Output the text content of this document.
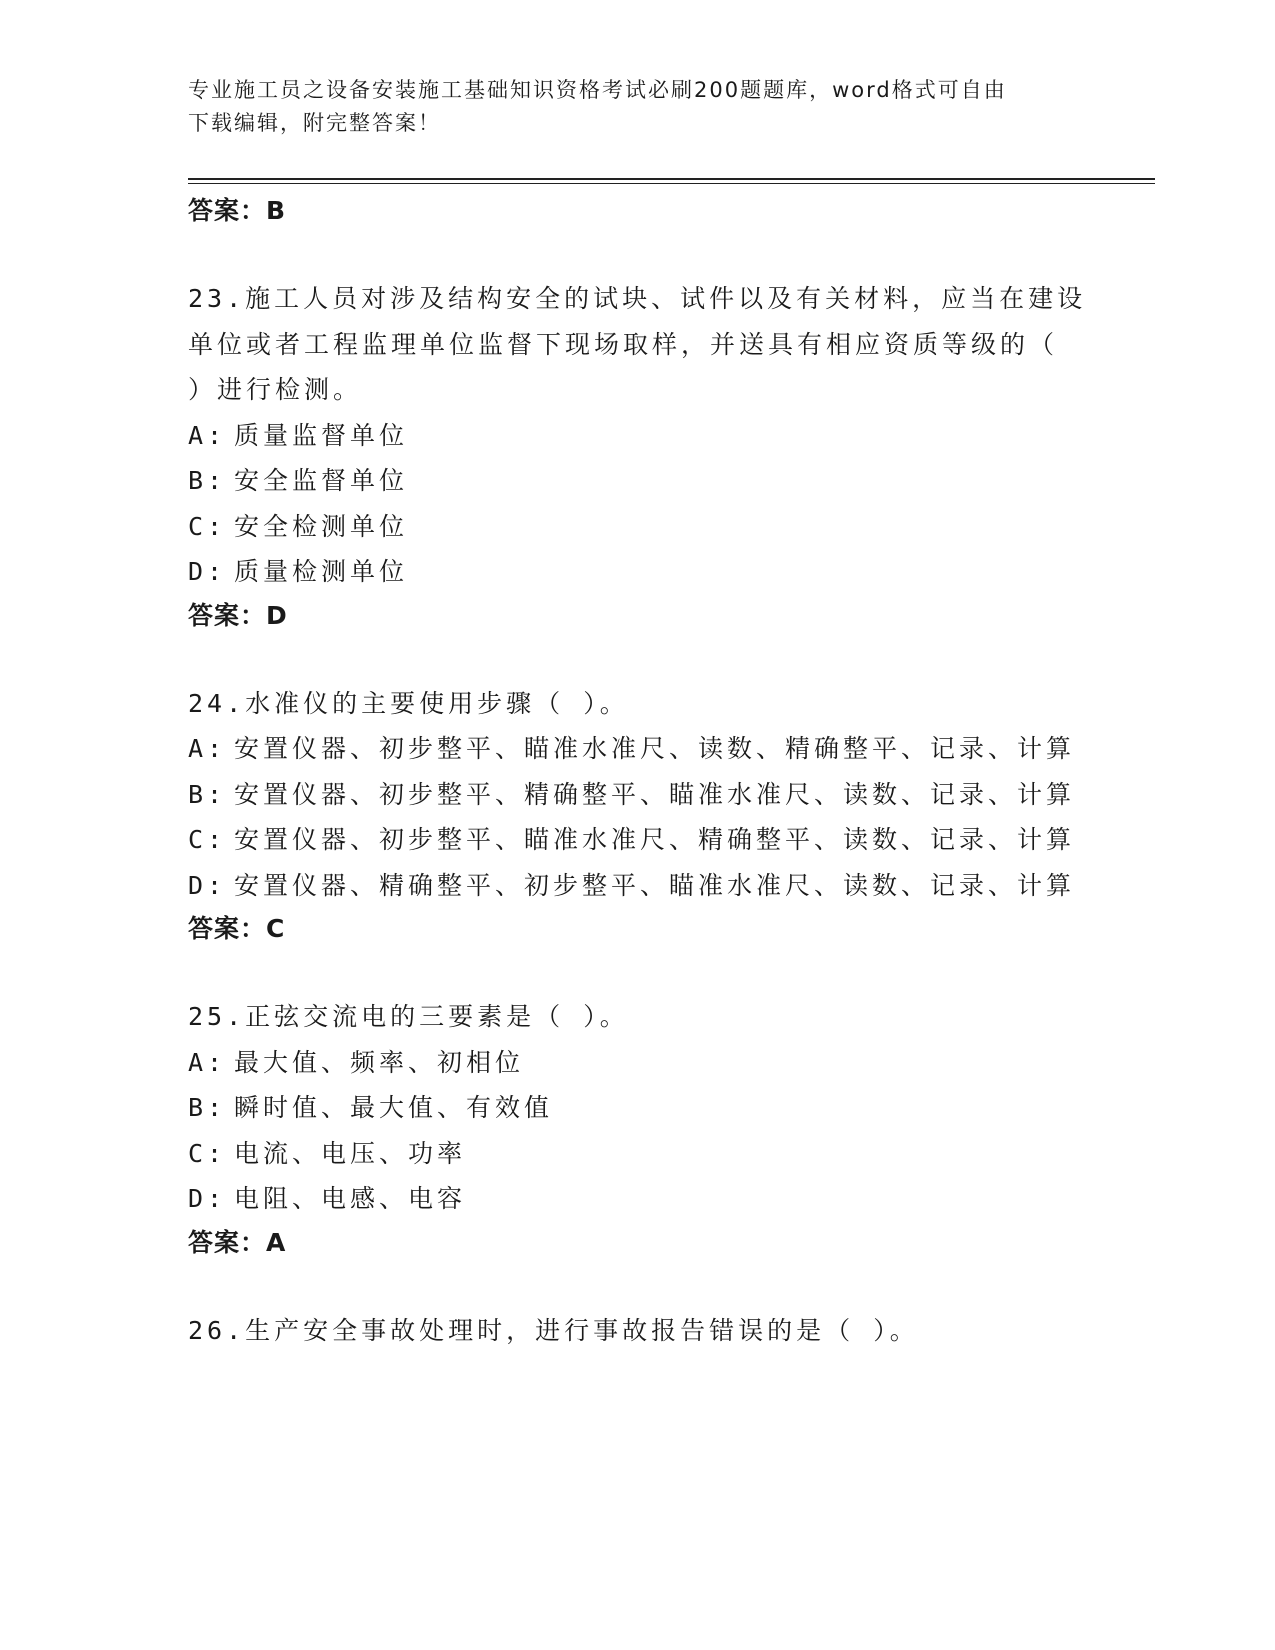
专业施工员之设备安装施工基础知识资格考试必刷200题题库，word格式可自由
下载编辑，附完整答案！

答案：B

23.施工人员对涉及结构安全的试块、试件以及有关材料，应当在建设

单位或者工程监理单位监督下现场取样，并送具有相应资质等级的（

）进行检测。

A: 质量监督单位

B: 安全监督单位

C: 安全检测单位

D: 质量检测单位

答案：D

24.水准仪的主要使用步骤（ ）。

A: 安置仪器、初步整平、瞄准水准尺、读数、精确整平、记录、计算

B: 安置仪器、初步整平、精确整平、瞄准水准尺、读数、记录、计算

C: 安置仪器、初步整平、瞄准水准尺、精确整平、读数、记录、计算

D: 安置仪器、精确整平、初步整平、瞄准水准尺、读数、记录、计算

答案：C

25.正弦交流电的三要素是（ ）。

A: 最大值、频率、初相位

B: 瞬时值、最大值、有效值

C: 电流、电压、功率

D: 电阻、电感、电容

答案：A

26.生产安全事故处理时，进行事故报告错误的是（ ）。
